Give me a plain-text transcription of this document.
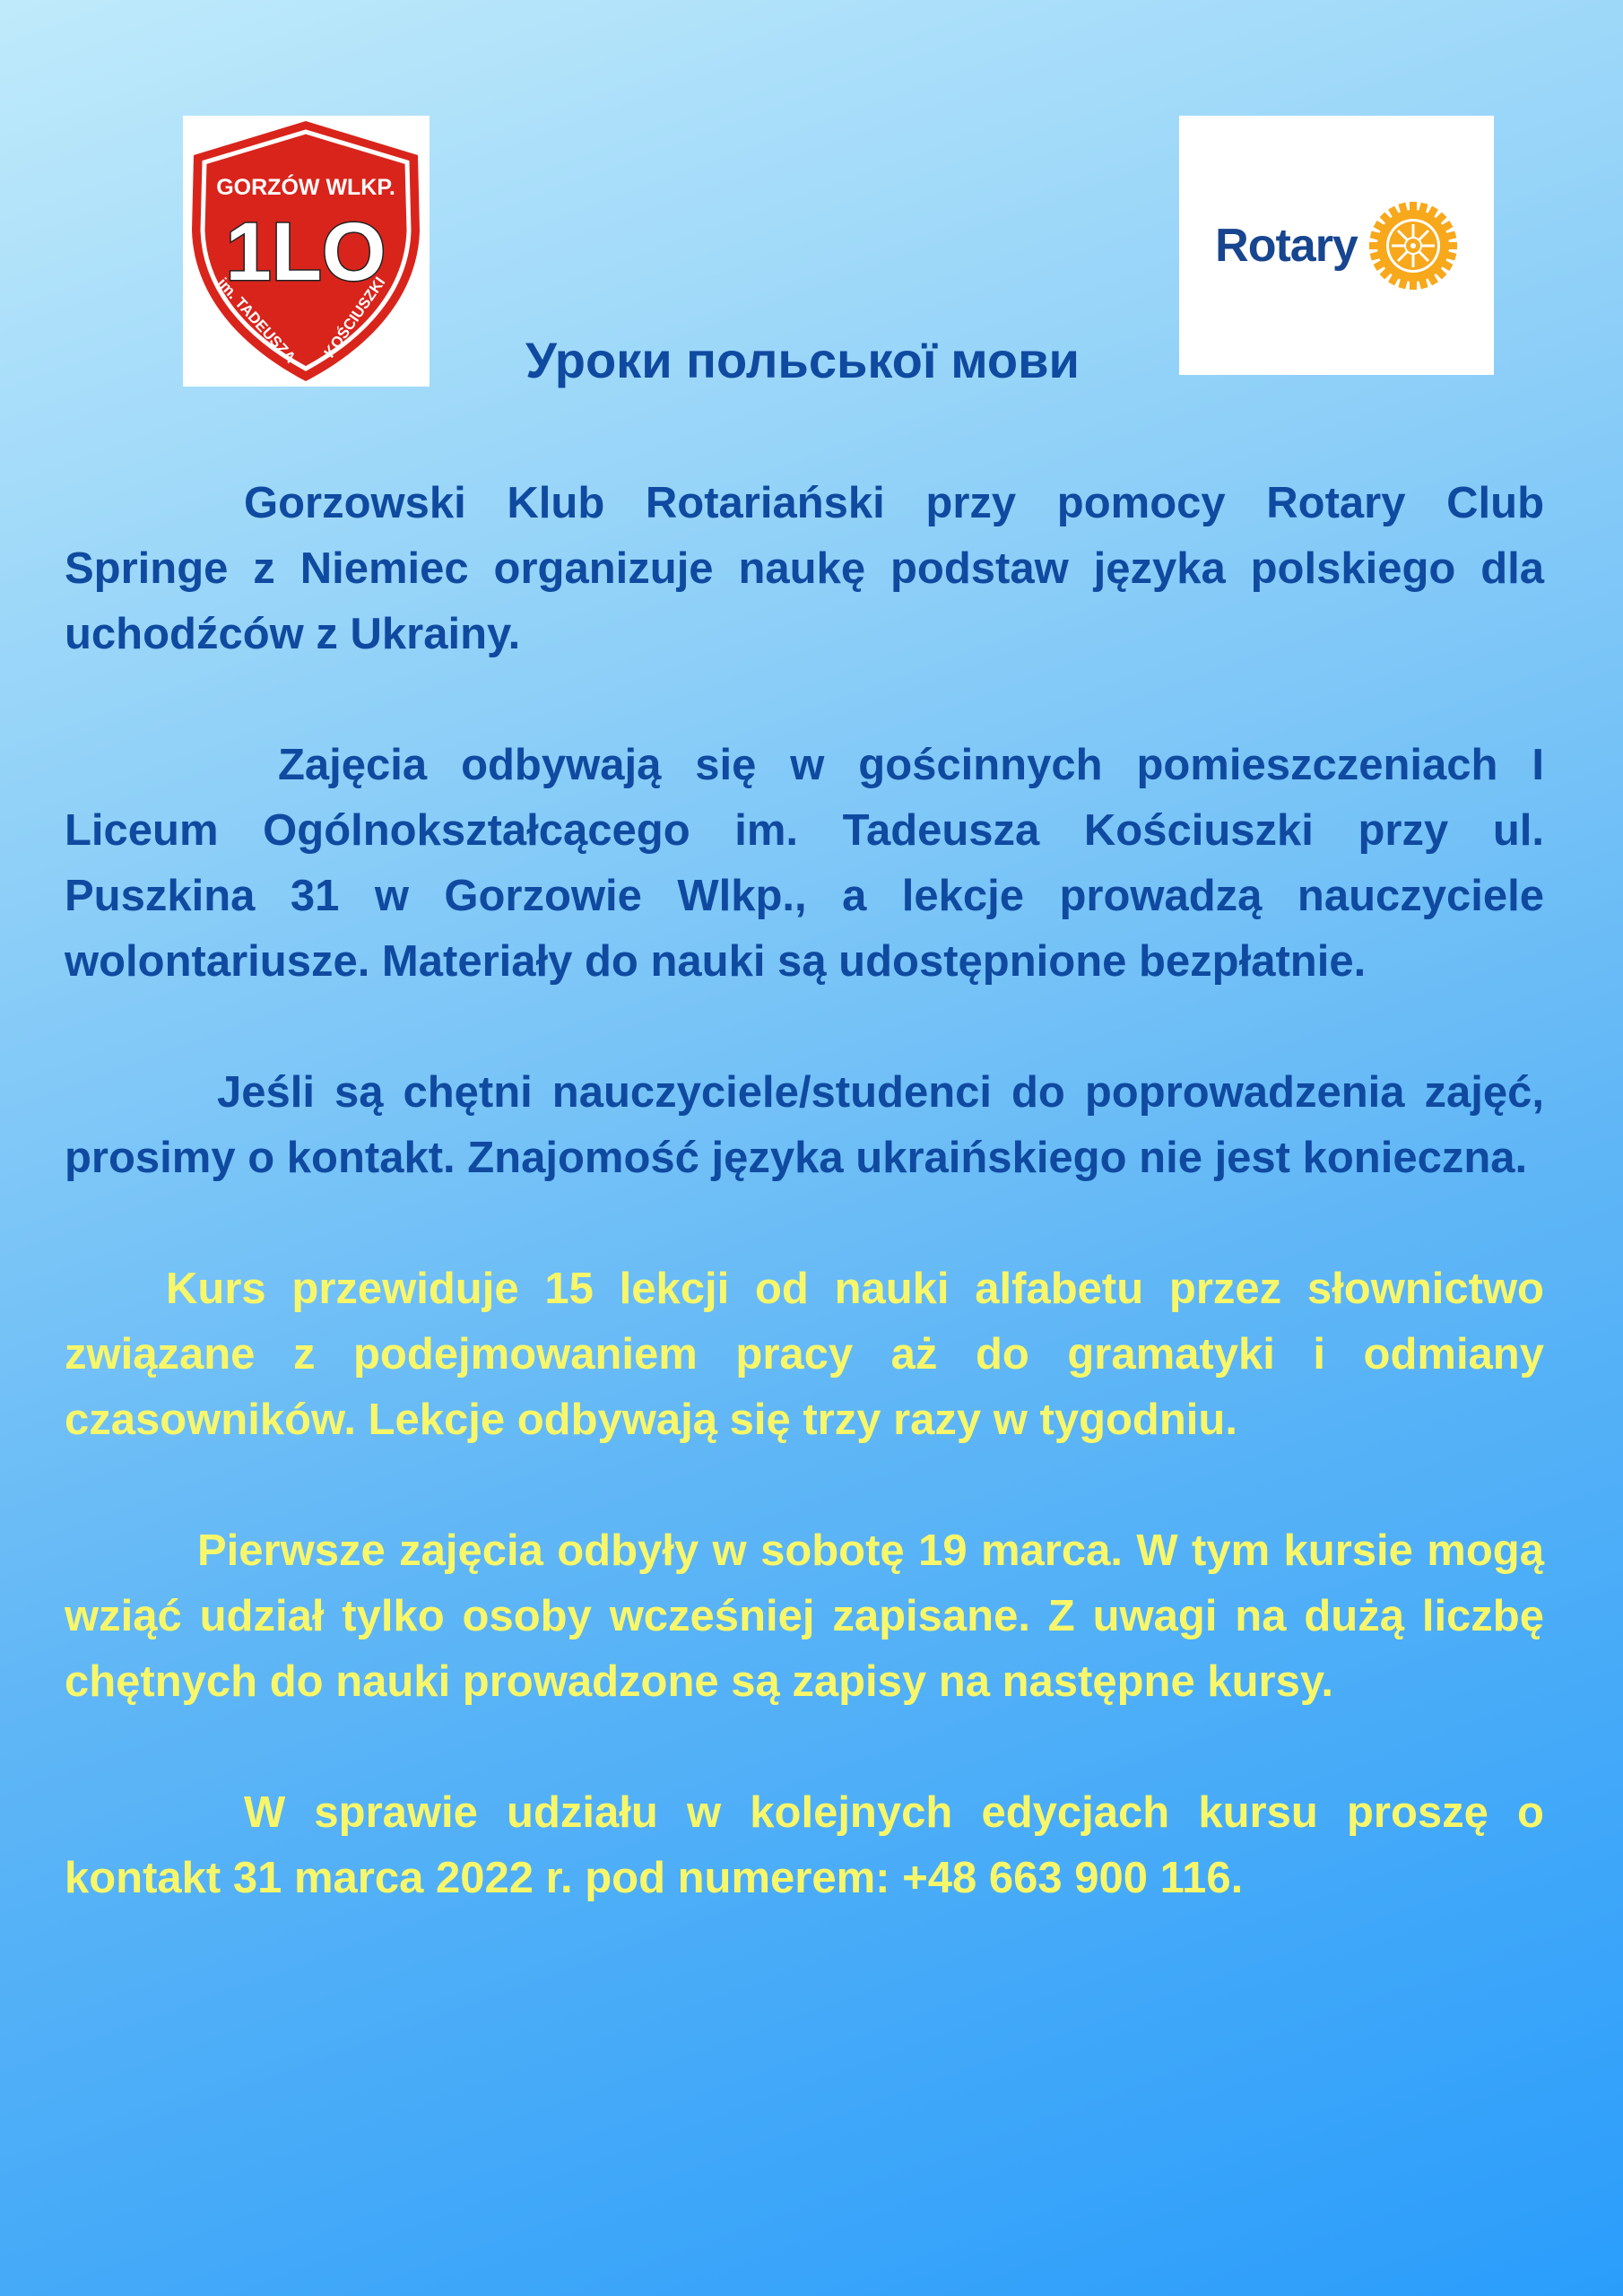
GORZÓW WLKP.
1LO
im. TADEUSZA KOŚCIUSZKI
Rotary
Уроки польської мови

Gorzowski Klub Rotariański przy pomocy Rotary Club Springe z Niemiec organizuje naukę podstaw języka polskiego dla uchodźców z Ukrainy.

Zajęcia odbywają się w gościnnych pomieszczeniach I Liceum Ogólnokształcącego im. Tadeusza Kościuszki przy ul. Puszkina 31 w Gorzowie Wlkp., a lekcje prowadzą nauczyciele wolontariusze. Materiały do nauki są udostępnione bezpłatnie.

Jeśli są chętni nauczyciele/studenci do poprowadzenia zajęć, prosimy o kontakt. Znajomość języka ukraińskiego nie jest konieczna.

Kurs przewiduje 15 lekcji od nauki alfabetu przez słownictwo związane z podejmowaniem pracy aż do gramatyki i odmiany czasowników. Lekcje odbywają się trzy razy w tygodniu.

Pierwsze zajęcia odbyły w sobotę 19 marca. W tym kursie mogą wziąć udział tylko osoby wcześniej zapisane. Z uwagi na dużą liczbę chętnych do nauki prowadzone są zapisy na następne kursy.

W sprawie udziału w kolejnych edycjach kursu proszę o kontakt 31 marca 2022 r. pod numerem: +48 663 900 116.
